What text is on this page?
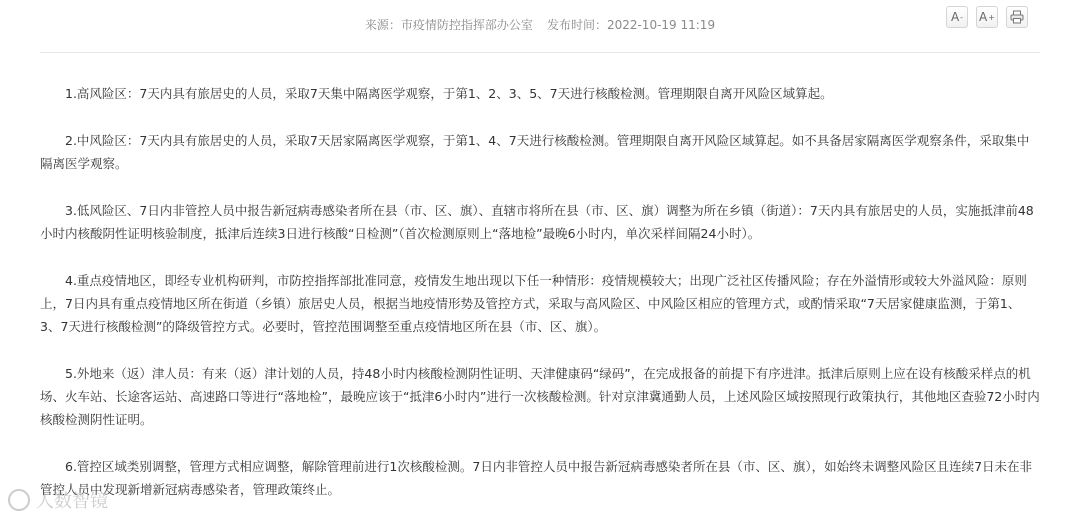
来源：市疫情防控指挥部办公室 发布时间：2022-10-19 11:19
A - A +

1.高风险区：7天内具有旅居史的人员，采取7天集中隔离医学观察，于第1、2、3、5、7天进行核酸检测。管理期限自离开风险区域算起。

2.中风险区：7天内具有旅居史的人员，采取7天居家隔离医学观察，于第1、4、7天进行核酸检测。管理期限自离开风险区域算起。如不具备居家隔离医学观察条件，采取集中隔离医学观察。

3.低风险区、7日内非管控人员中报告新冠病毒感染者所在县（市、区、旗）、直辖市将所在县（市、区、旗）调整为所在乡镇（街道）：7天内具有旅居史的人员，实施抵津前48小时内核酸阴性证明核验制度，抵津后连续3日进行核酸“日检测”（首次检测原则上“落地检”最晚6小时内，单次采样间隔24小时）。

4.重点疫情地区，即经专业机构研判，市防控指挥部批准同意，疫情发生地出现以下任一种情形：疫情规模较大；出现广泛社区传播风险；存在外溢情形或较大外溢风险：原则上，7日内具有重点疫情地区所在街道（乡镇）旅居史人员，根据当地疫情形势及管控方式，采取与高风险区、中风险区相应的管理方式，或酌情采取“7天居家健康监测，于第1、3、7天进行核酸检测”的降级管控方式。必要时，管控范围调整至重点疫情地区所在县（市、区、旗）。

5.外地来（返）津人员：有来（返）津计划的人员，持48小时内核酸检测阴性证明、天津健康码“绿码”，在完成报备的前提下有序进津。抵津后原则上应在设有核酸采样点的机场、火车站、长途客运站、高速路口等进行“落地检”，最晚应该于“抵津6小时内”进行一次核酸检测。针对京津冀通勤人员，上述风险区域按照现行政策执行，其他地区查验72小时内核酸检测阴性证明。

6.管控区域类别调整，管理方式相应调整，解除管理前进行1次核酸检测。7日内非管控人员中报告新冠病毒感染者所在县（市、区、旗），如始终未调整风险区且连续7日未在非管控人员中发现新增新冠病毒感染者，管理政策终止。

人数智镜
